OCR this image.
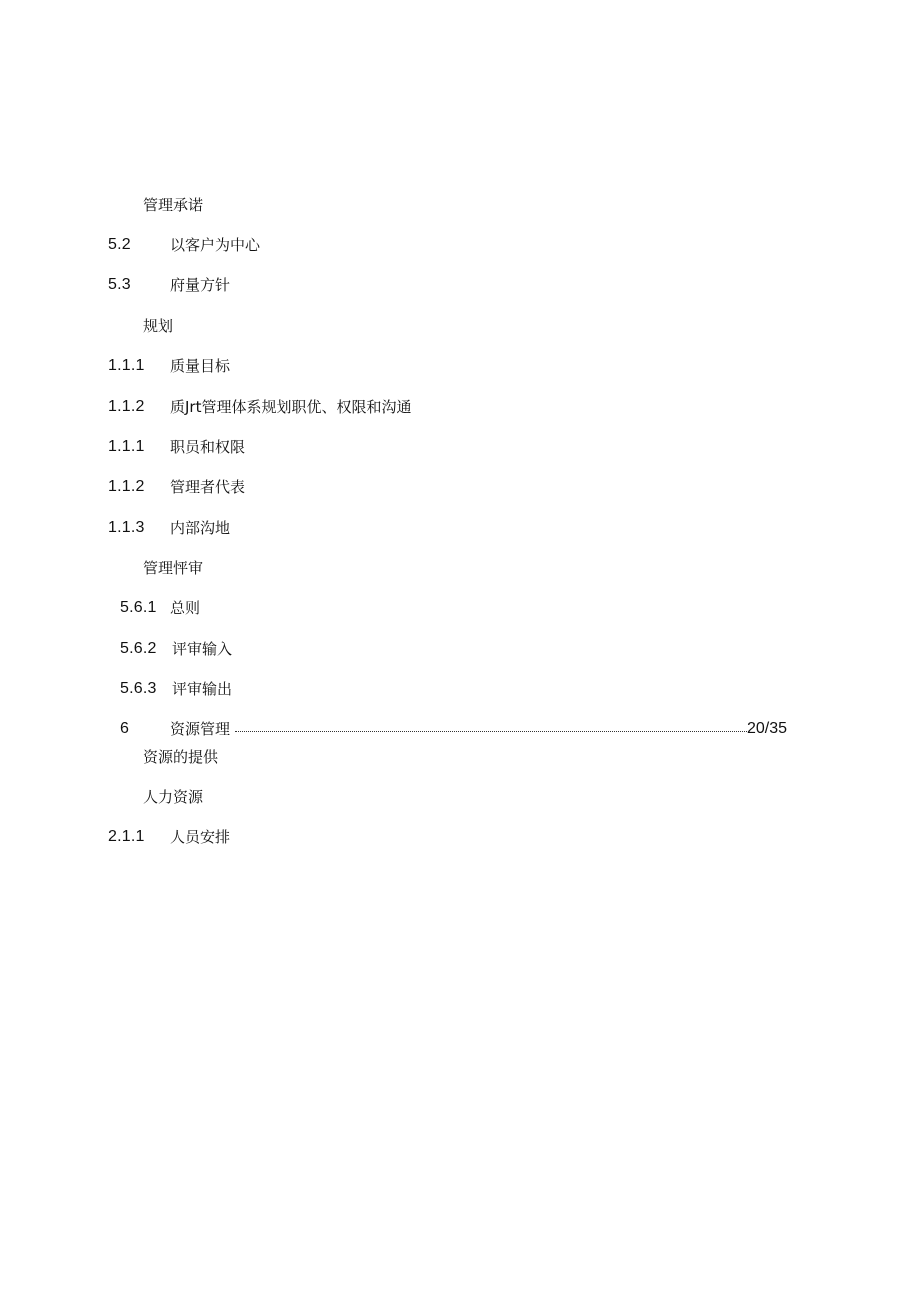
管理承诺
5.2	以客户为中心
5.3	府量方针
规划
1.1.1 质量目标
1.1.2 质Jrt管理体系规划职优、权限和沟通
1.1.1 职员和权限
1.1.2 管理者代表
1.1.3 内部沟地
管理怦审
5.6.1 总则
5.6.2 评审输入
5.6.3 评审输出
6	资源管理	20/35
资源的提供
人力资源
2.1.1 人员安排
